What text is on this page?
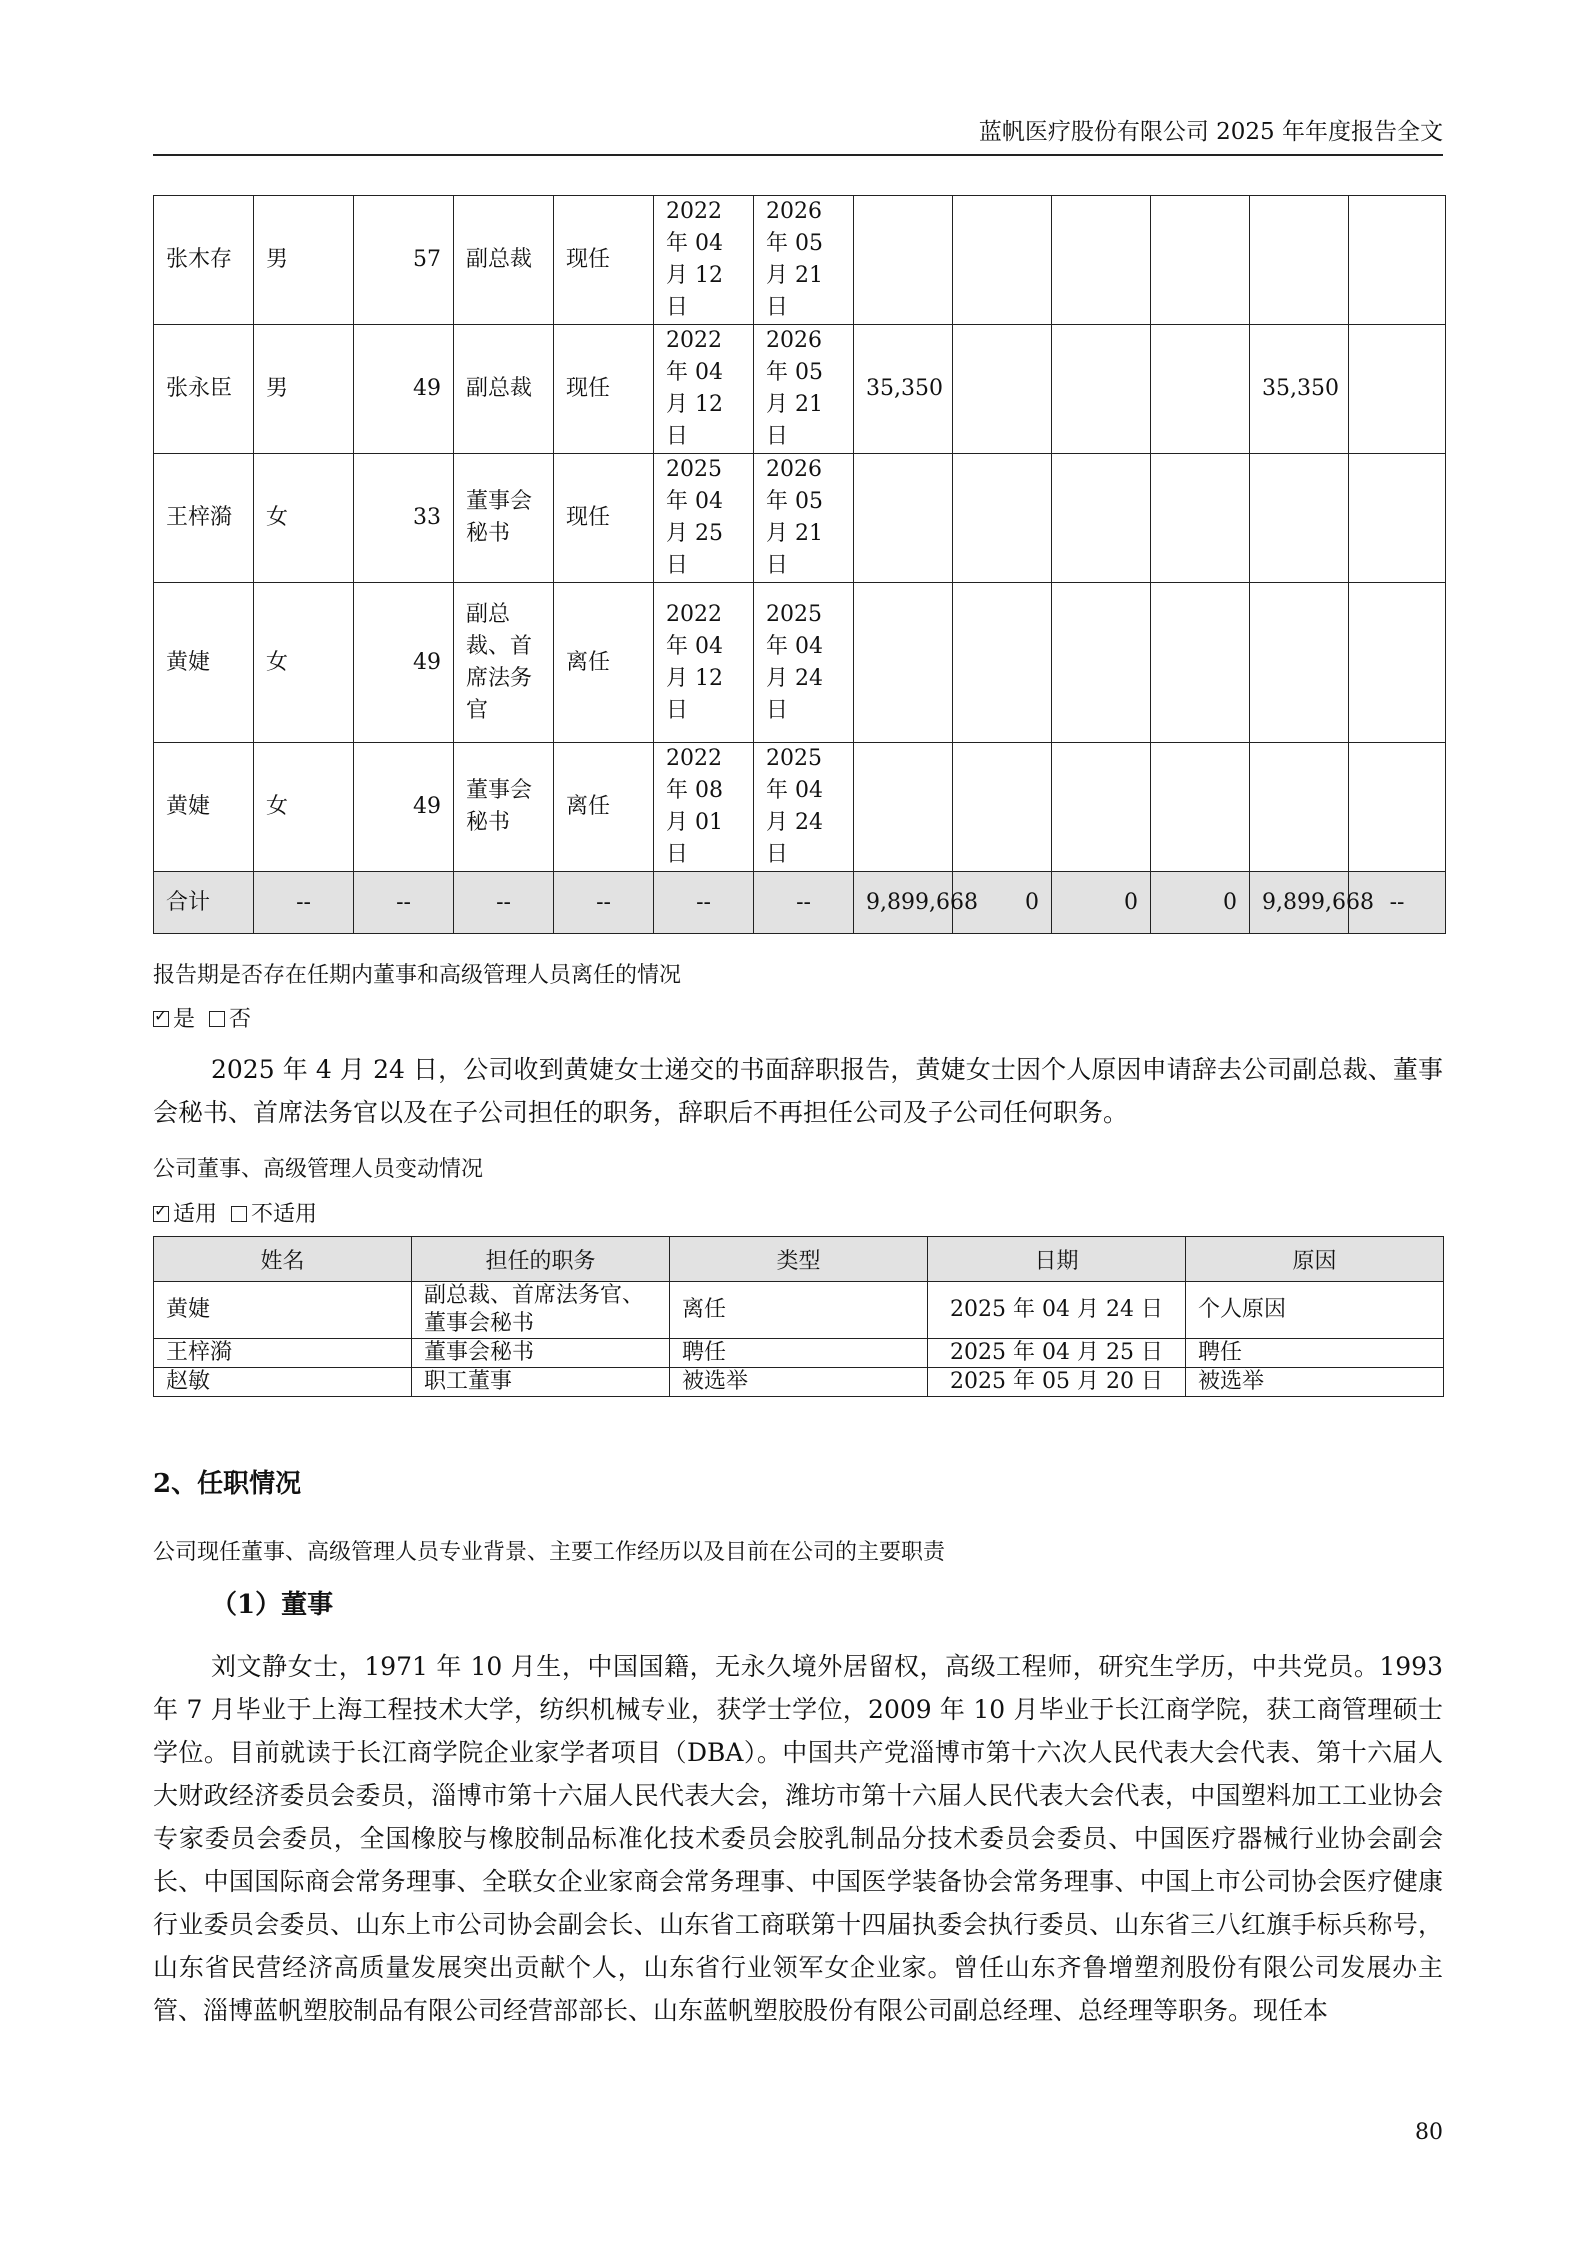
蓝帆医疗股份有限公司 2025 年年度报告全文
张木存	男	57	副总裁	现任	2022 年 04 月 12 日	2026 年 05 月 21 日						
张永臣	男	49	副总裁	现任	2022 年 04 月 12 日	2026 年 05 月 21 日	35,350				35,350	
王梓漪	女	33	董事会秘书	现任	2025 年 04 月 25 日	2026 年 05 月 21 日						
黄婕	女	49	副总裁、首席法务官	离任	2022 年 04 月 12 日	2025 年 04 月 24 日						
黄婕	女	49	董事会秘书	离任	2022 年 08 月 01 日	2025 年 04 月 24 日						
合计	--	--	--	--	--	--	9,899,668	0	0	0	9,899,668	--

报告期是否存在任期内董事和高级管理人员离任的情况

✓是 否

2025 年 4 月 24 日，公司收到黄婕女士递交的书面辞职报告，黄婕女士因个人原因申请辞去公司副总裁、董事会秘书、首席法务官以及在子公司担任的职务，辞职后不再担任公司及子公司任何职务。

公司董事、高级管理人员变动情况

✓适用 不适用

姓名	担任的职务	类型	日期	原因
黄婕	副总裁、首席法务官、董事会秘书	离任	2025 年 04 月 24 日	个人原因
王梓漪	董事会秘书	聘任	2025 年 04 月 25 日	聘任
赵敏	职工董事	被选举	2025 年 05 月 20 日	被选举

2、任职情况

公司现任董事、高级管理人员专业背景、主要工作经历以及目前在公司的主要职责

（1）董事

刘文静女士，1971 年 10 月生，中国国籍，无永久境外居留权，高级工程师，研究生学历，中共党员。1993 年 7 月毕业于上海工程技术大学，纺织机械专业，获学士学位，2009 年 10 月毕业于长江商学院，获工商管理硕士学位。目前就读于长江商学院企业家学者项目（DBA）。中国共产党淄博市第十六次人民代表大会代表、第十六届人大财政经济委员会委员，淄博市第十六届人民代表大会，潍坊市第十六届人民代表大会代表，中国塑料加工工业协会专家委员会委员，全国橡胶与橡胶制品标准化技术委员会胶乳制品分技术委员会委员、中国医疗器械行业协会副会长、中国国际商会常务理事、全联女企业家商会常务理事、中国医学装备协会常务理事、中国上市公司协会医疗健康行业委员会委员、山东上市公司协会副会长、山东省工商联第十四届执委会执行委员、山东省三八红旗手标兵称号，山东省民营经济高质量发展突出贡献个人，山东省行业领军女企业家。曾任山东齐鲁增塑剂股份有限公司发展办主管、淄博蓝帆塑胶制品有限公司经营部部长、山东蓝帆塑胶股份有限公司副总经理、总经理等职务。现任本

80
